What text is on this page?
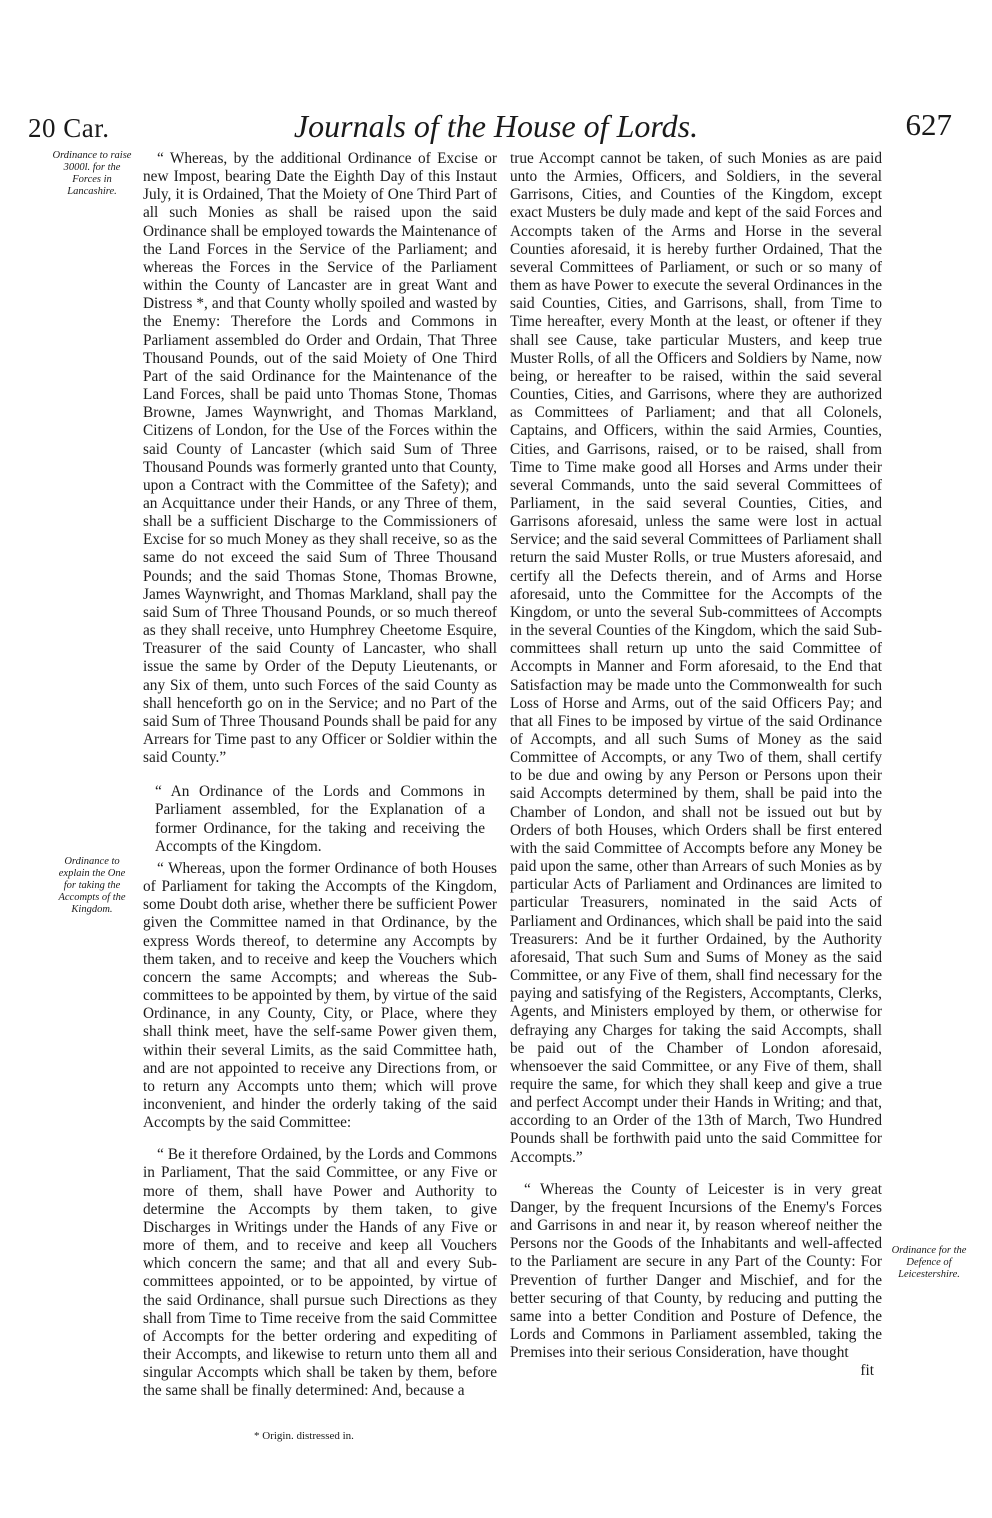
20 Car.	Journals of the House of Lords.	627
Ordinance to raise 3000l. for the Forces in Lancashire.
Ordinance to explain the One for taking the Accompts of the Kingdom.
Ordinance for the Defence of Leicestershire.

“ Whereas, by the additional Ordinance of Excise or new Impost, bearing Date the Eighth Day of this Instaut July, it is Ordained, That the Moiety of One Third Part of all such Monies as shall be raised upon the said Ordinance shall be employed towards the Maintenance of the Land Forces in the Service of the Parliament; and whereas the Forces in the Service of the Parliament within the County of Lancaster are in great Want and Distress *, and that County wholly spoiled and wasted by the Enemy: Therefore the Lords and Commons in Parliament assembled do Order and Ordain, That Three Thousand Pounds, out of the said Moiety of One Third Part of the said Ordinance for the Maintenance of the Land Forces, shall be paid unto Thomas Stone, Thomas Browne, James Waynwright, and Thomas Markland, Citizens of London, for the Use of the Forces within the said County of Lancaster (which said Sum of Three Thousand Pounds was formerly granted unto that County, upon a Contract with the Committee of the Safety); and an Acquittance under their Hands, or any Three of them, shall be a sufficient Discharge to the Commissioners of Excise for so much Money as they shall receive, so as the same do not exceed the said Sum of Three Thousand Pounds; and the said Thomas Stone, Thomas Browne, James Waynwright, and Thomas Markland, shall pay the said Sum of Three Thousand Pounds, or so much thereof as they shall receive, unto Humphrey Cheetome Esquire, Treasurer of the said County of Lancaster, who shall issue the same by Order of the Deputy Lieutenants, or any Six of them, unto such Forces of the said County as shall henceforth go on in the Service; and no Part of the said Sum of Three Thousand Pounds shall be paid for any Arrears for Time past to any Officer or Soldier within the said County.”

“ An Ordinance of the Lords and Commons in Parliament assembled, for the Explanation of a former Ordinance, for the taking and receiving the Accompts of the Kingdom.

“ Whereas, upon the former Ordinance of both Houses of Parliament for taking the Accompts of the Kingdom, some Doubt doth arise, whether there be sufficient Power given the Committee named in that Ordinance, by the express Words thereof, to determine any Accompts by them taken, and to receive and keep the Vouchers which concern the same Accompts; and whereas the Sub-committees to be appointed by them, by virtue of the said Ordinance, in any County, City, or Place, where they shall think meet, have the self-same Power given them, within their several Limits, as the said Committee hath, and are not appointed to receive any Directions from, or to return any Accompts unto them; which will prove inconvenient, and hinder the orderly taking of the said Accompts by the said Committee:

“ Be it therefore Ordained, by the Lords and Commons in Parliament, That the said Committee, or any Five or more of them, shall have Power and Authority to determine the Accompts by them taken, to give Discharges in Writings under the Hands of any Five or more of them, and to receive and keep all Vouchers which concern the same; and that all and every Sub-committees appointed, or to be appointed, by virtue of the said Ordinance, shall pursue such Directions as they shall from Time to Time receive from the said Committee of Accompts for the better ordering and expediting of their Accompts, and likewise to return unto them all and singular Accompts which shall be taken by them, before the same shall be finally determined: And, because a

true Accompt cannot be taken, of such Monies as are paid unto the Armies, Officers, and Soldiers, in the several Garrisons, Cities, and Counties of the Kingdom, except exact Musters be duly made and kept of the said Forces and Accompts taken of the Arms and Horse in the several Counties aforesaid, it is hereby further Ordained, That the several Committees of Parliament, or such or so many of them as have Power to execute the several Ordinances in the said Counties, Cities, and Garrisons, shall, from Time to Time hereafter, every Month at the least, or oftener if they shall see Cause, take particular Musters, and keep true Muster Rolls, of all the Officers and Soldiers by Name, now being, or hereafter to be raised, within the said several Counties, Cities, and Garrisons, where they are authorized as Committees of Parliament; and that all Colonels, Captains, and Officers, within the said Armies, Counties, Cities, and Garrisons, raised, or to be raised, shall from Time to Time make good all Horses and Arms under their several Commands, unto the said several Committees of Parliament, in the said several Counties, Cities, and Garrisons aforesaid, unless the same were lost in actual Service; and the said several Committees of Parliament shall return the said Muster Rolls, or true Musters aforesaid, and certify all the Defects therein, and of Arms and Horse aforesaid, unto the Committee for the Accompts of the Kingdom, or unto the several Sub-committees of Accompts in the several Counties of the Kingdom, which the said Sub-committees shall return up unto the said Committee of Accompts in Manner and Form aforesaid, to the End that Satisfaction may be made unto the Commonwealth for such Loss of Horse and Arms, out of the said Officers Pay; and that all Fines to be imposed by virtue of the said Ordinance of Accompts, and all such Sums of Money as the said Committee of Accompts, or any Two of them, shall certify to be due and owing by any Person or Persons upon their said Accompts determined by them, shall be paid into the Chamber of London, and shall not be issued out but by Orders of both Houses, which Orders shall be first entered with the said Committee of Accompts before any Money be paid upon the same, other than Arrears of such Monies as by particular Acts of Parliament and Ordinances are limited to particular Treasurers, nominated in the said Acts of Parliament and Ordinances, which shall be paid into the said Treasurers: And be it further Ordained, by the Authority aforesaid, That such Sum and Sums of Money as the said Committee, or any Five of them, shall find necessary for the paying and satisfying of the Registers, Accomptants, Clerks, Agents, and Ministers employed by them, or otherwise for defraying any Charges for taking the said Accompts, shall be paid out of the Chamber of London aforesaid, whensoever the said Committee, or any Five of them, shall require the same, for which they shall keep and give a true and perfect Accompt under their Hands in Writing; and that, according to an Order of the 13th of March, Two Hundred Pounds shall be forthwith paid unto the said Committee for Accompts.”

“ Whereas the County of Leicester is in very great Danger, by the frequent Incursions of the Enemy's Forces and Garrisons in and near it, by reason whereof neither the Persons nor the Goods of the Inhabitants and well-affected to the Parliament are secure in any Part of the County: For Prevention of further Danger and Mischief, and for the better securing of that County, by reducing and putting the same into a better Condition and Posture of Defence, the Lords and Commons in Parliament assembled, taking the Premises into their serious Consideration, have thought

fit
* Origin. distressed in.
